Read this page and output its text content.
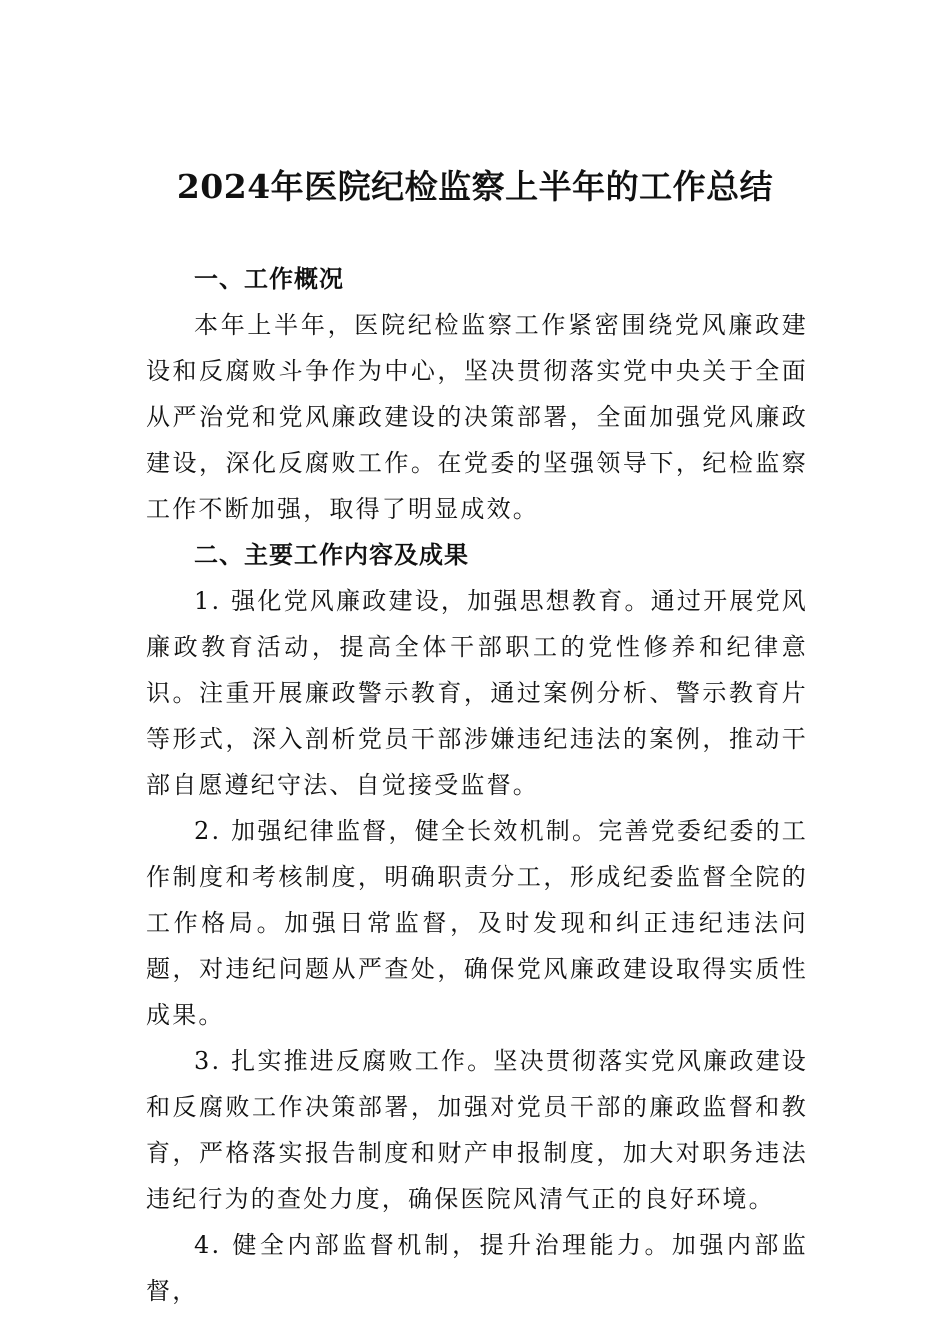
2024年医院纪检监察上半年的工作总结

一、工作概况

本年上半年，医院纪检监察工作紧密围绕党风廉政建设和反腐败斗争作为中心，坚决贯彻落实党中央关于全面从严治党和党风廉政建设的决策部署，全面加强党风廉政建设，深化反腐败工作。在党委的坚强领导下，纪检监察工作不断加强，取得了明显成效。

二、主要工作内容及成果

1. 强化党风廉政建设，加强思想教育。通过开展党风廉政教育活动，提高全体干部职工的党性修养和纪律意识。注重开展廉政警示教育，通过案例分析、警示教育片等形式，深入剖析党员干部涉嫌违纪违法的案例，推动干部自愿遵纪守法、自觉接受监督。

2. 加强纪律监督，健全长效机制。完善党委纪委的工作制度和考核制度，明确职责分工，形成纪委监督全院的工作格局。加强日常监督，及时发现和纠正违纪违法问题，对违纪问题从严查处，确保党风廉政建设取得实质性成果。

3. 扎实推进反腐败工作。坚决贯彻落实党风廉政建设和反腐败工作决策部署，加强对党员干部的廉政监督和教育，严格落实报告制度和财产申报制度，加大对职务违法违纪行为的查处力度，确保医院风清气正的良好环境。

4. 健全内部监督机制，提升治理能力。加强内部监督，
